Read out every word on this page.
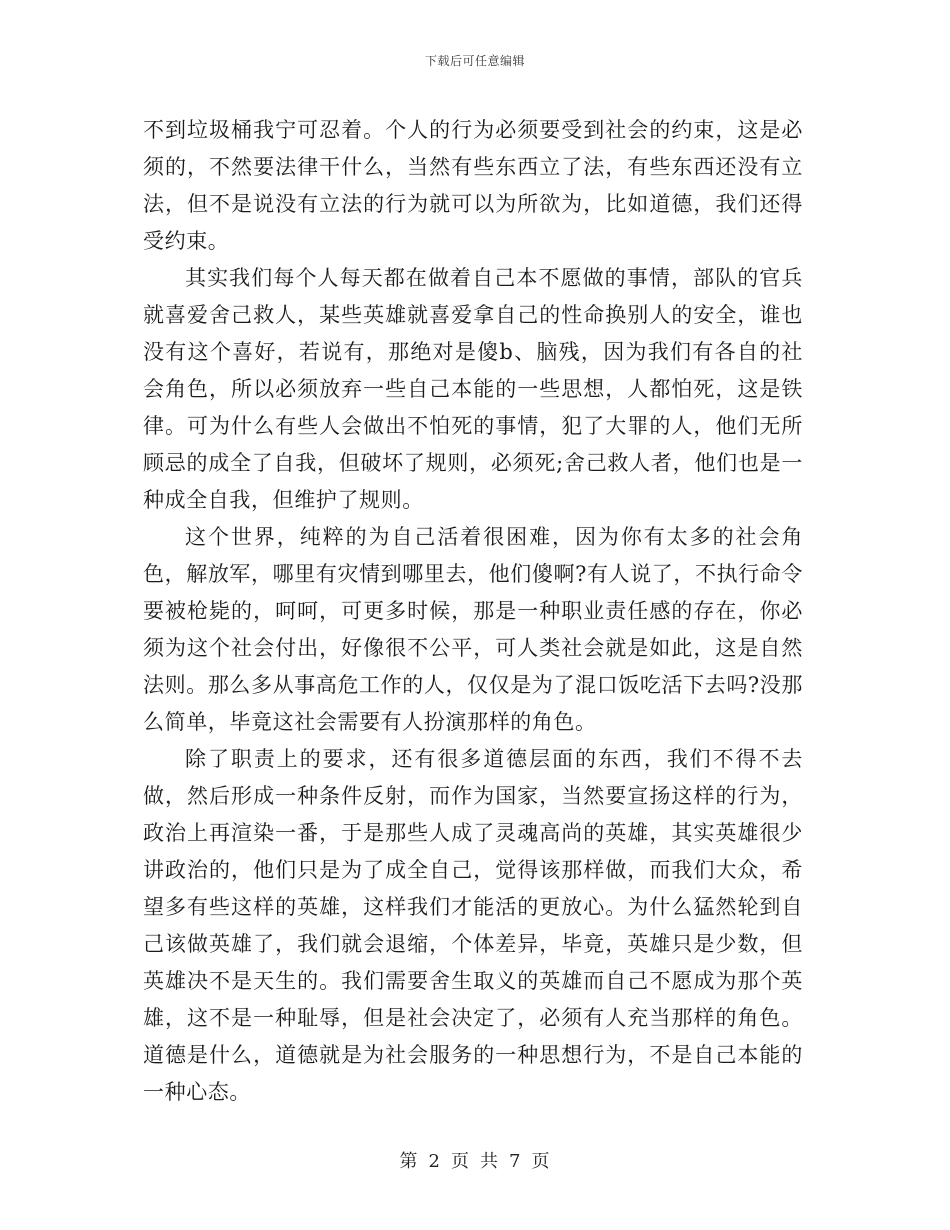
下载后可任意编辑

不到垃圾桶我宁可忍着。个人的行为必须要受到社会的约束，这是必须的，不然要法律干什么，当然有些东西立了法，有些东西还没有立法，但不是说没有立法的行为就可以为所欲为，比如道德，我们还得受约束。

其实我们每个人每天都在做着自己本不愿做的事情，部队的官兵就喜爱舍己救人，某些英雄就喜爱拿自己的性命换别人的安全，谁也没有这个喜好，若说有，那绝对是傻b、脑残，因为我们有各自的社会角色，所以必须放弃一些自己本能的一些思想，人都怕死，这是铁律。可为什么有些人会做出不怕死的事情，犯了大罪的人，他们无所顾忌的成全了自我，但破坏了规则，必须死;舍己救人者，他们也是一种成全自我，但维护了规则。

这个世界，纯粹的为自己活着很困难，因为你有太多的社会角色，解放军，哪里有灾情到哪里去，他们傻啊?有人说了，不执行命令要被枪毙的，呵呵，可更多时候，那是一种职业责任感的存在，你必须为这个社会付出，好像很不公平，可人类社会就是如此，这是自然法则。那么多从事高危工作的人，仅仅是为了混口饭吃活下去吗?没那么简单，毕竟这社会需要有人扮演那样的角色。

除了职责上的要求，还有很多道德层面的东西，我们不得不去做，然后形成一种条件反射，而作为国家，当然要宣扬这样的行为，政治上再渲染一番，于是那些人成了灵魂高尚的英雄，其实英雄很少讲政治的，他们只是为了成全自己，觉得该那样做，而我们大众，希望多有些这样的英雄，这样我们才能活的更放心。为什么猛然轮到自己该做英雄了，我们就会退缩，个体差异，毕竟，英雄只是少数，但英雄决不是天生的。我们需要舍生取义的英雄而自己不愿成为那个英雄，这不是一种耻辱，但是社会决定了，必须有人充当那样的角色。道德是什么，道德就是为社会服务的一种思想行为，不是自己本能的一种心态。

第 2 页 共 7 页
